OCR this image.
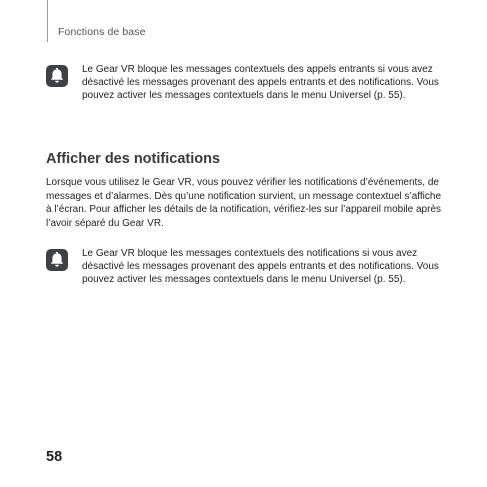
Fonctions de base

Le Gear VR bloque les messages contextuels des appels entrants si vous avez désactivé les messages provenant des appels entrants et des notifications. Vous pouvez activer les messages contextuels dans le menu Universel (p. 55).

Afficher des notifications

Lorsque vous utilisez le Gear VR, vous pouvez vérifier les notifications d’événements, de messages et d’alarmes. Dès qu’une notification survient, un message contextuel s’affiche à l’écran. Pour afficher les détails de la notification, vérifiez-les sur l’appareil mobile après l’avoir séparé du Gear VR.

Le Gear VR bloque les messages contextuels des notifications si vous avez désactivé les messages provenant des appels entrants et des notifications. Vous pouvez activer les messages contextuels dans le menu Universel (p. 55).

58
